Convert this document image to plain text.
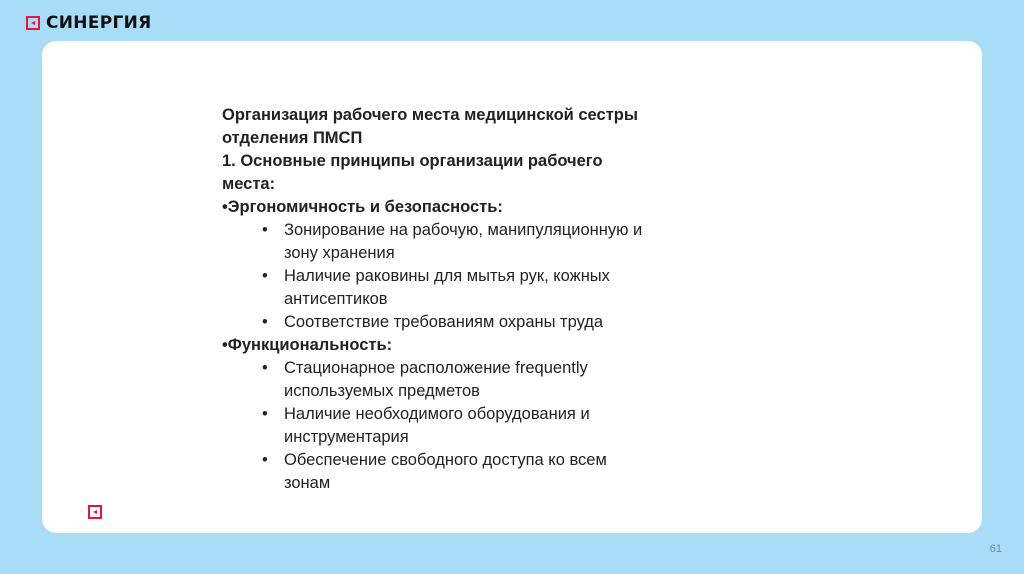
СИНЕРГИЯ

Организация рабочего места медицинской сестры
отделения ПМСП

1. Основные принципы организации рабочего
места:

•Эргономичность и безопасность:

• Зонирование на рабочую, манипуляционную и
зону хранения
• Наличие раковины для мытья рук, кожных
антисептиков
• Соответствие требованиям охраны труда

•Функциональность:

• Стационарное расположение frequently
используемых предметов
• Наличие необходимого оборудования и
инструментария
• Обеспечение свободного доступа ко всем
зонам
61
